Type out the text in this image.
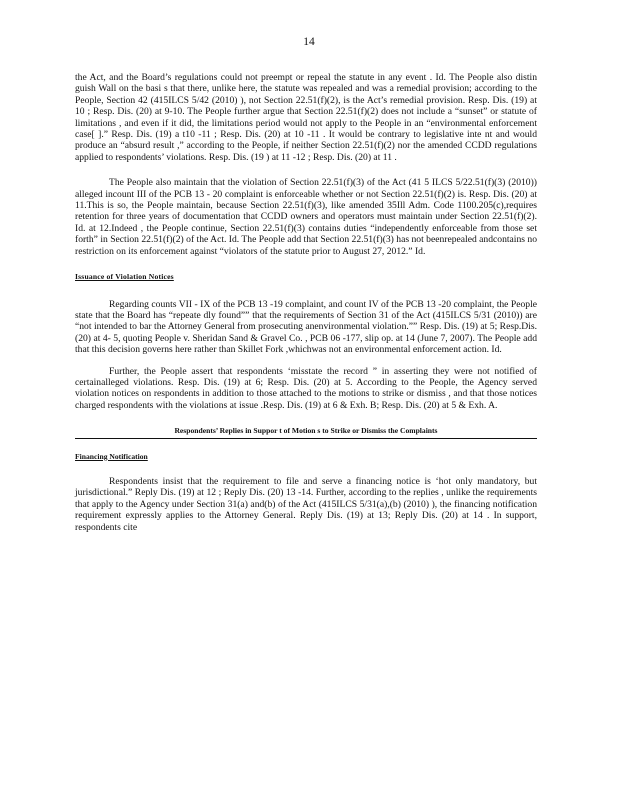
14

the Act, and the Board’s regulations could not preempt or repeal the statute in any event . Id. The People also distin guish Wall on the basi s that there, unlike here, the statute was repealed and was a remedial provision; according to the People, Section 42 (415ILCS 5/42 (2010) ), not Section 22.51(f)(2), is the Act’s remedial provision. Resp. Dis. (19) at 10 ; Resp. Dis. (20) at 9-10. The People further argue that Section 22.51(f)(2) does not include a “sunset” or statute of limitations , and even if it did, the limitations period would not apply to the People in an “environmental enforcement case[ ].” Resp. Dis. (19) a t10 -11 ; Resp. Dis. (20) at 10 -11 . It would be contrary to legislative inte nt and would produce an “absurd result ,” according to the People, if neither Section 22.51(f)(2) nor the amended CCDD regulations applied to respondents’ violations. Resp. Dis. (19 ) at 11 -12 ; Resp. Dis. (20) at 11 .

The People also maintain that the violation of Section 22.51(f)(3) of the Act (41 5 ILCS 5/22.51(f)(3) (2010)) alleged incount III of the PCB 13 - 20 complaint is enforceable whether or not Section 22.51(f)(2) is. Resp. Dis. (20) at 11.This is so, the People maintain, because Section 22.51(f)(3), like amended 35Ill Adm. Code 1100.205(c),requires retention for three years of documentation that CCDD owners and operators must maintain under Section 22.51(f)(2). Id. at 12.Indeed , the People continue, Section 22.51(f)(3) contains duties “independently enforceable from those set forth” in Section 22.51(f)(2) of the Act. Id. The People add that Section 22.51(f)(3) has not beenrepealed andcontains no restriction on its enforcement against “violators of the statute prior to August 27, 2012.” Id.

Issuance of Violation Notices

Regarding counts VII - IX of the PCB 13 -19 complaint, and count IV of the PCB 13 -20 complaint, the People state that the Board has “repeate dly found”” that the requirements of Section 31 of the Act (415ILCS 5/31 (2010)) are “not intended to bar the Attorney General from prosecuting anenvironmental violation.”” Resp. Dis. (19) at 5; Resp.Dis. (20) at 4- 5, quoting People v. Sheridan Sand & Gravel Co. , PCB 06 -177, slip op. at 14 (June 7, 2007). The People add that this decision governs here rather than Skillet Fork ,whichwas not an environmental enforcement action. Id.

Further, the People assert that respondents ‘misstate the record ” in asserting they were not notified of certainalleged violations. Resp. Dis. (19) at 6; Resp. Dis. (20) at 5. According to the People, the Agency served violation notices on respondents in addition to those attached to the motions to strike or dismiss , and that those notices charged respondents with the violations at issue .Resp. Dis. (19) at 6 & Exh. B; Resp. Dis. (20) at 5 & Exh. A.

Respondents’ Replies in Suppor t of Motion s to Strike or Dismiss the Complaints
Financing Notification

Respondents insist that the requirement to file and serve a financing notice is ‘hot only mandatory, but jurisdictional.” Reply Dis. (19) at 12 ; Reply Dis. (20) 13 -14. Further, according to the replies , unlike the requirements that apply to the Agency under Section 31(a) and(b) of the Act (415ILCS 5/31(a),(b) (2010) ), the financing notification requirement expressly applies to the Attorney General. Reply Dis. (19) at 13; Reply Dis. (20) at 14 . In support, respondents cite
